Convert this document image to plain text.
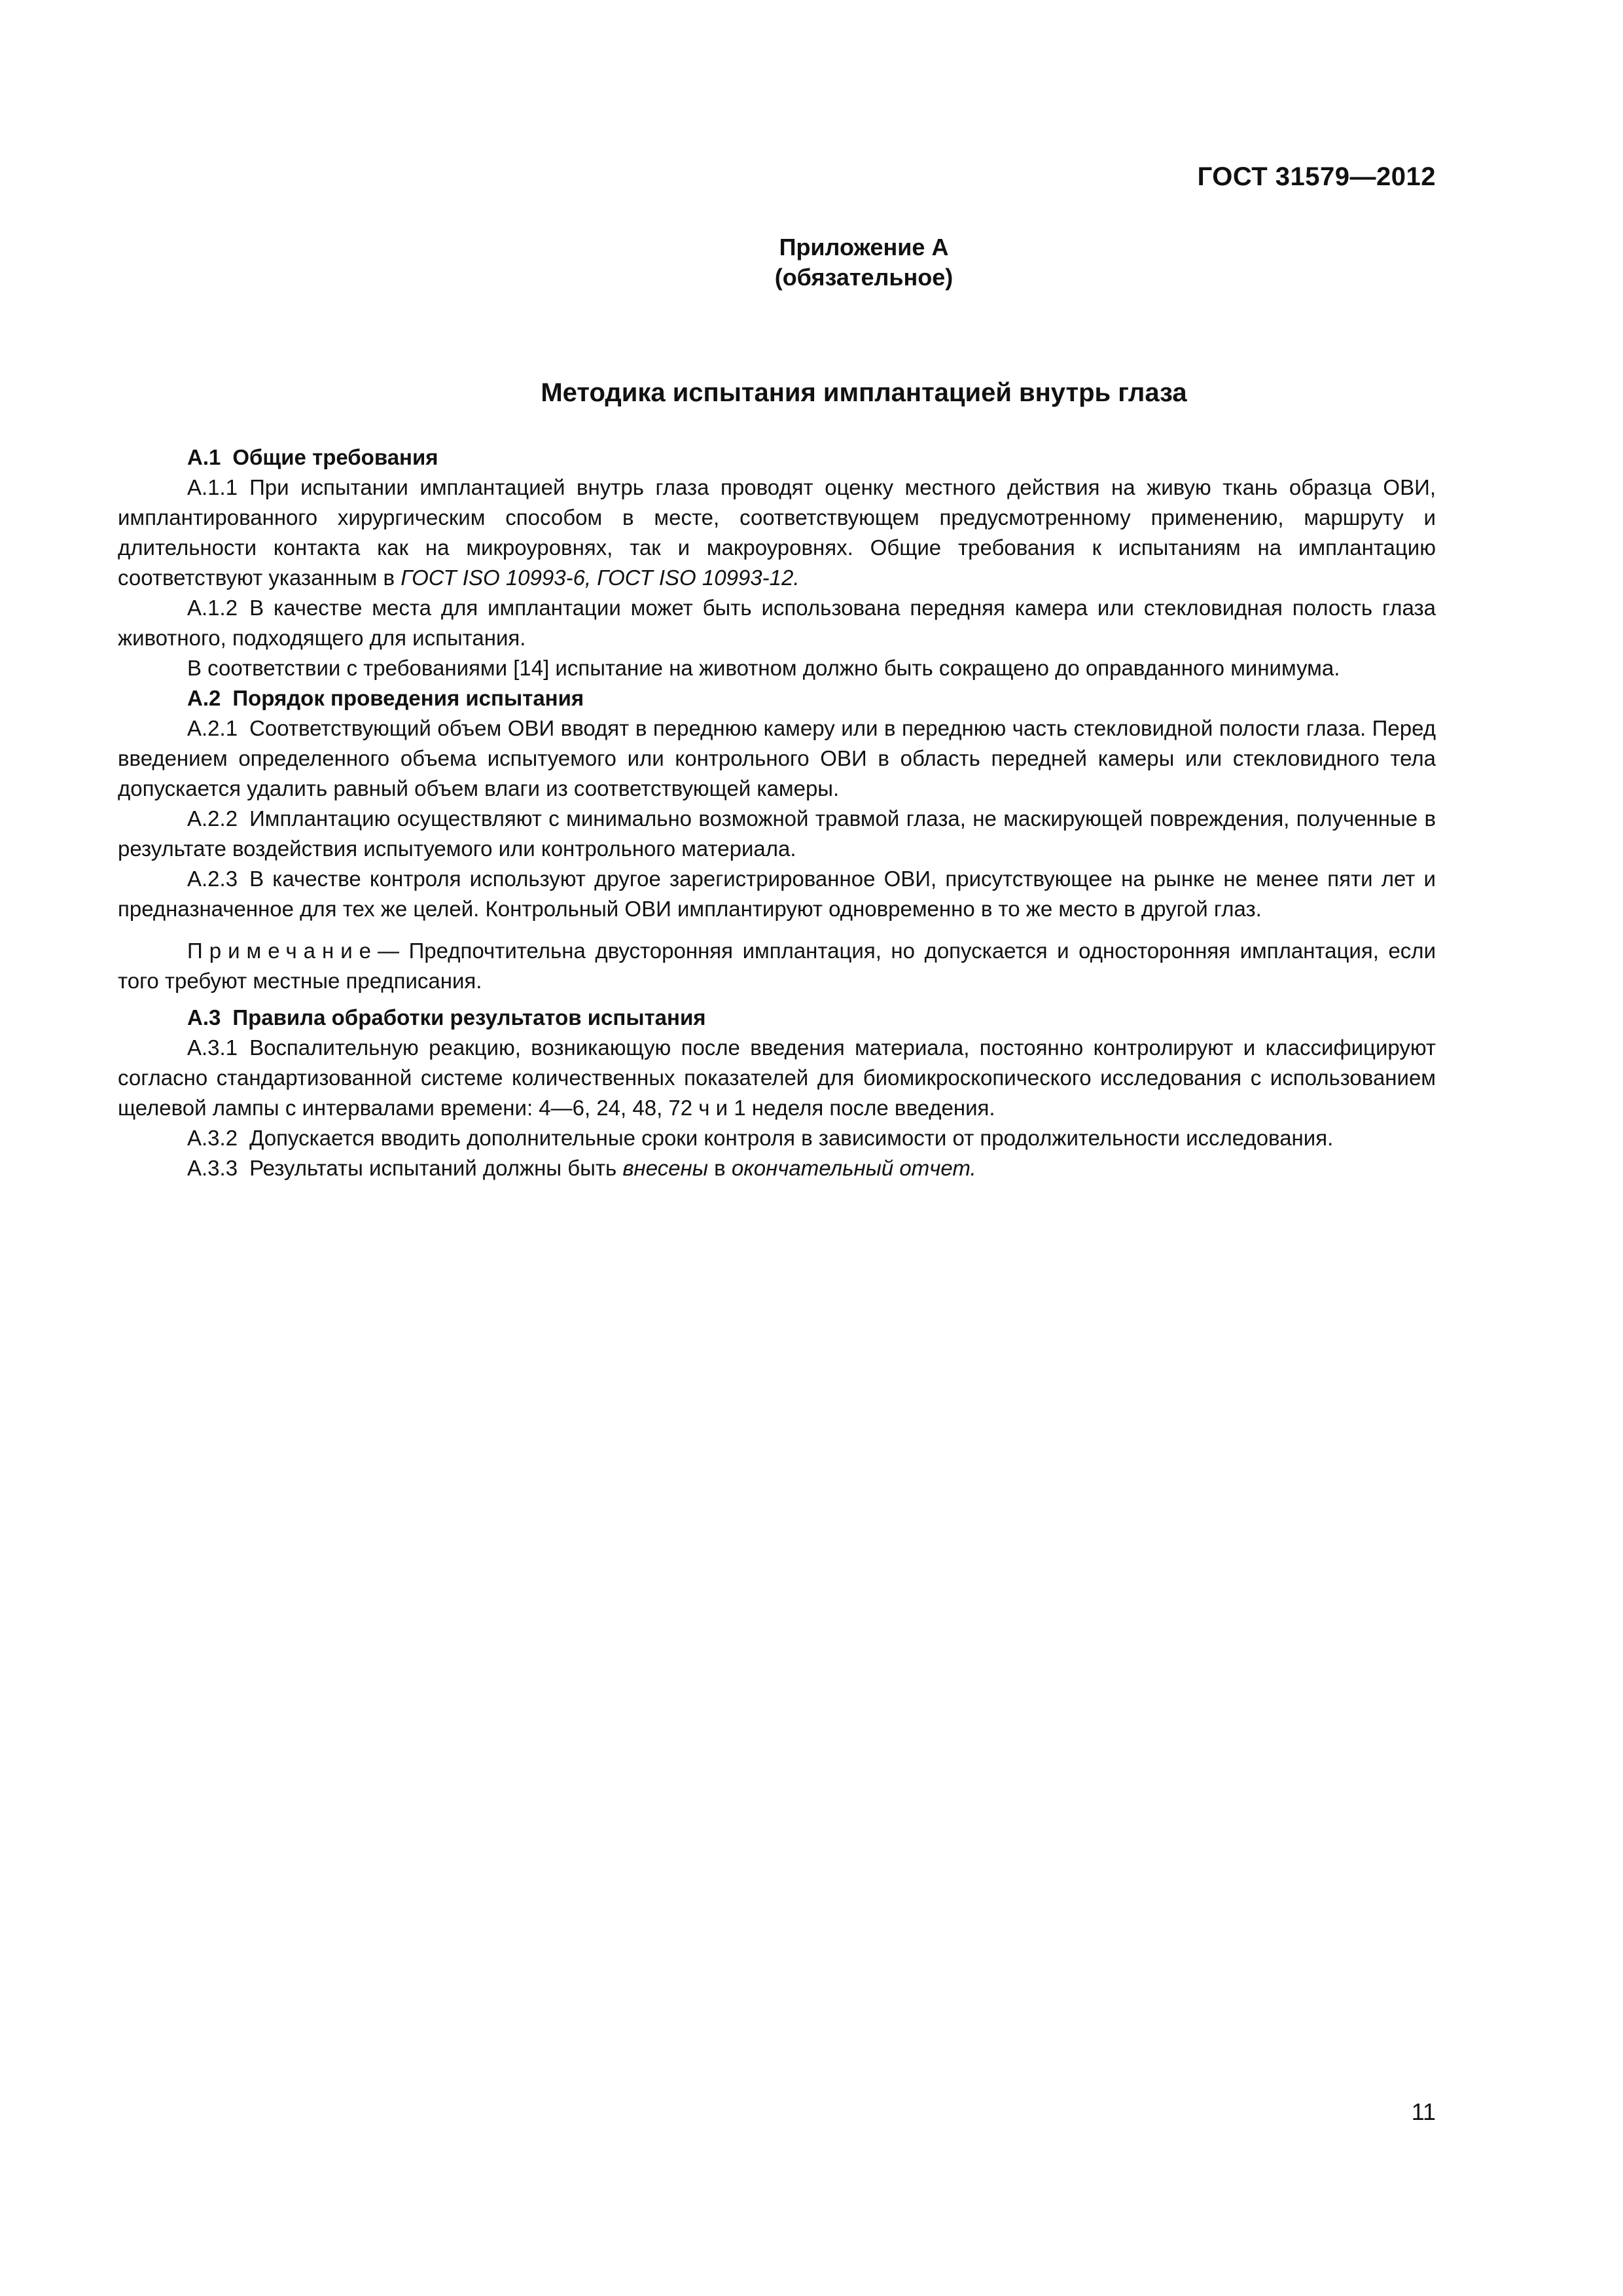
ГОСТ 31579—2012
Приложение А
(обязательное)
Методика испытания имплантацией внутрь глаза
А.1 Общие требования

А.1.1 При испытании имплантацией внутрь глаза проводят оценку местного действия на живую ткань образца ОВИ, имплантированного хирургическим способом в месте, соответствующем предусмотренному применению, маршруту и длительности контакта как на микроуровнях, так и макроуровнях. Общие требования к испытаниям на имплантацию соответствуют указанным в ГОСТ ISO 10993-6, ГОСТ ISO 10993-12.

А.1.2 В качестве места для имплантации может быть использована передняя камера или стекловидная полость глаза животного, подходящего для испытания.

В соответствии с требованиями [14] испытание на животном должно быть сокращено до оправданного минимума.

А.2 Порядок проведения испытания

А.2.1 Соответствующий объем ОВИ вводят в переднюю камеру или в переднюю часть стекловидной полости глаза. Перед введением определенного объема испытуемого или контрольного ОВИ в область передней камеры или стекловидного тела допускается удалить равный объем влаги из соответствующей камеры.

А.2.2 Имплантацию осуществляют с минимально возможной травмой глаза, не маскирующей повреждения, полученные в результате воздействия испытуемого или контрольного материала.

А.2.3 В качестве контроля используют другое зарегистрированное ОВИ, присутствующее на рынке не менее пяти лет и предназначенное для тех же целей. Контрольный ОВИ имплантируют одновременно в то же место в другой глаз.

Примечание— Предпочтительна двусторонняя имплантация, но допускается и односторонняя имплантация, если того требуют местные предписания.

А.3 Правила обработки результатов испытания

А.3.1 Воспалительную реакцию, возникающую после введения материала, постоянно контролируют и классифицируют согласно стандартизованной системе количественных показателей для биомикроскопического исследования с использованием щелевой лампы с интервалами времени: 4—6, 24, 48, 72 ч и 1 неделя после введения.

А.3.2 Допускается вводить дополнительные сроки контроля в зависимости от продолжительности исследования.

А.3.3 Результаты испытаний должны быть внесены в окончательный отчет.

11
